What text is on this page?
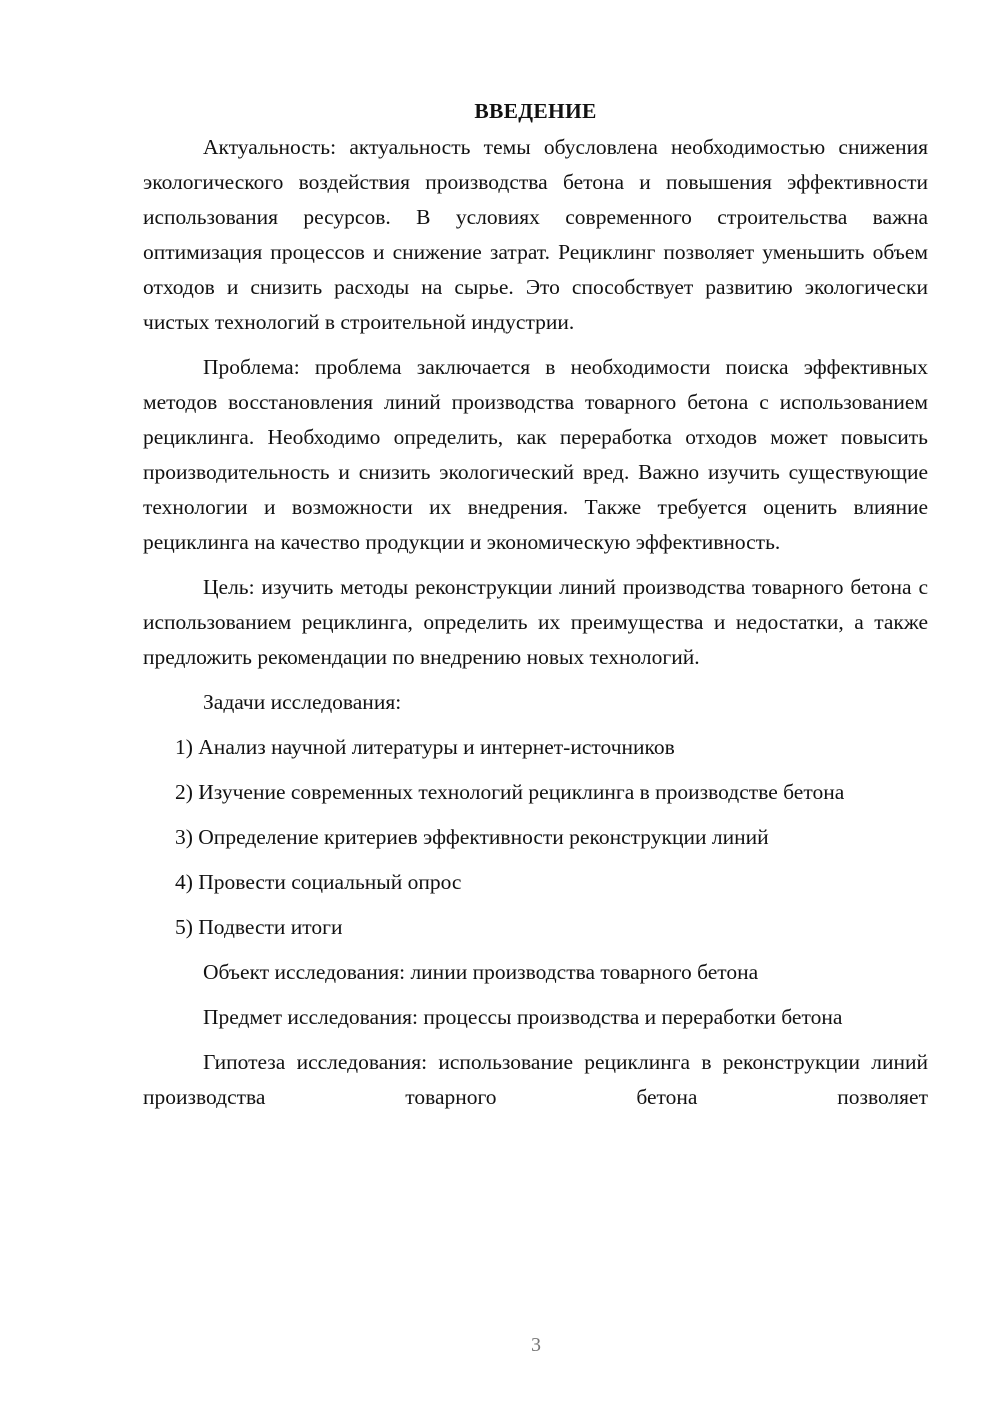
ВВЕДЕНИЕ

Актуальность: актуальность темы обусловлена необходимостью снижения экологического воздействия производства бетона и повышения эффективности использования ресурсов. В условиях современного строительства важна оптимизация процессов и снижение затрат. Рециклинг позволяет уменьшить объем отходов и снизить расходы на сырье. Это способствует развитию экологически чистых технологий в строительной индустрии.

Проблема: проблема заключается в необходимости поиска эффективных методов восстановления линий производства товарного бетона с использованием рециклинга. Необходимо определить, как переработка отходов может повысить производительность и снизить экологический вред. Важно изучить существующие технологии и возможности их внедрения. Также требуется оценить влияние рециклинга на качество продукции и экономическую эффективность.

Цель: изучить методы реконструкции линий производства товарного бетона с использованием рециклинга, определить их преимущества и недостатки, а также предложить рекомендации по внедрению новых технологий.

Задачи исследования:

1) Анализ научной литературы и интернет-источников

2) Изучение современных технологий рециклинга в производстве бетона

3) Определение критериев эффективности реконструкции линий

4) Провести социальный опрос

5) Подвести итоги

Объект исследования: линии производства товарного бетона

Предмет исследования: процессы производства и переработки бетона

Гипотеза исследования: использование рециклинга в реконструкции линий производства товарного бетона позволяет

3
